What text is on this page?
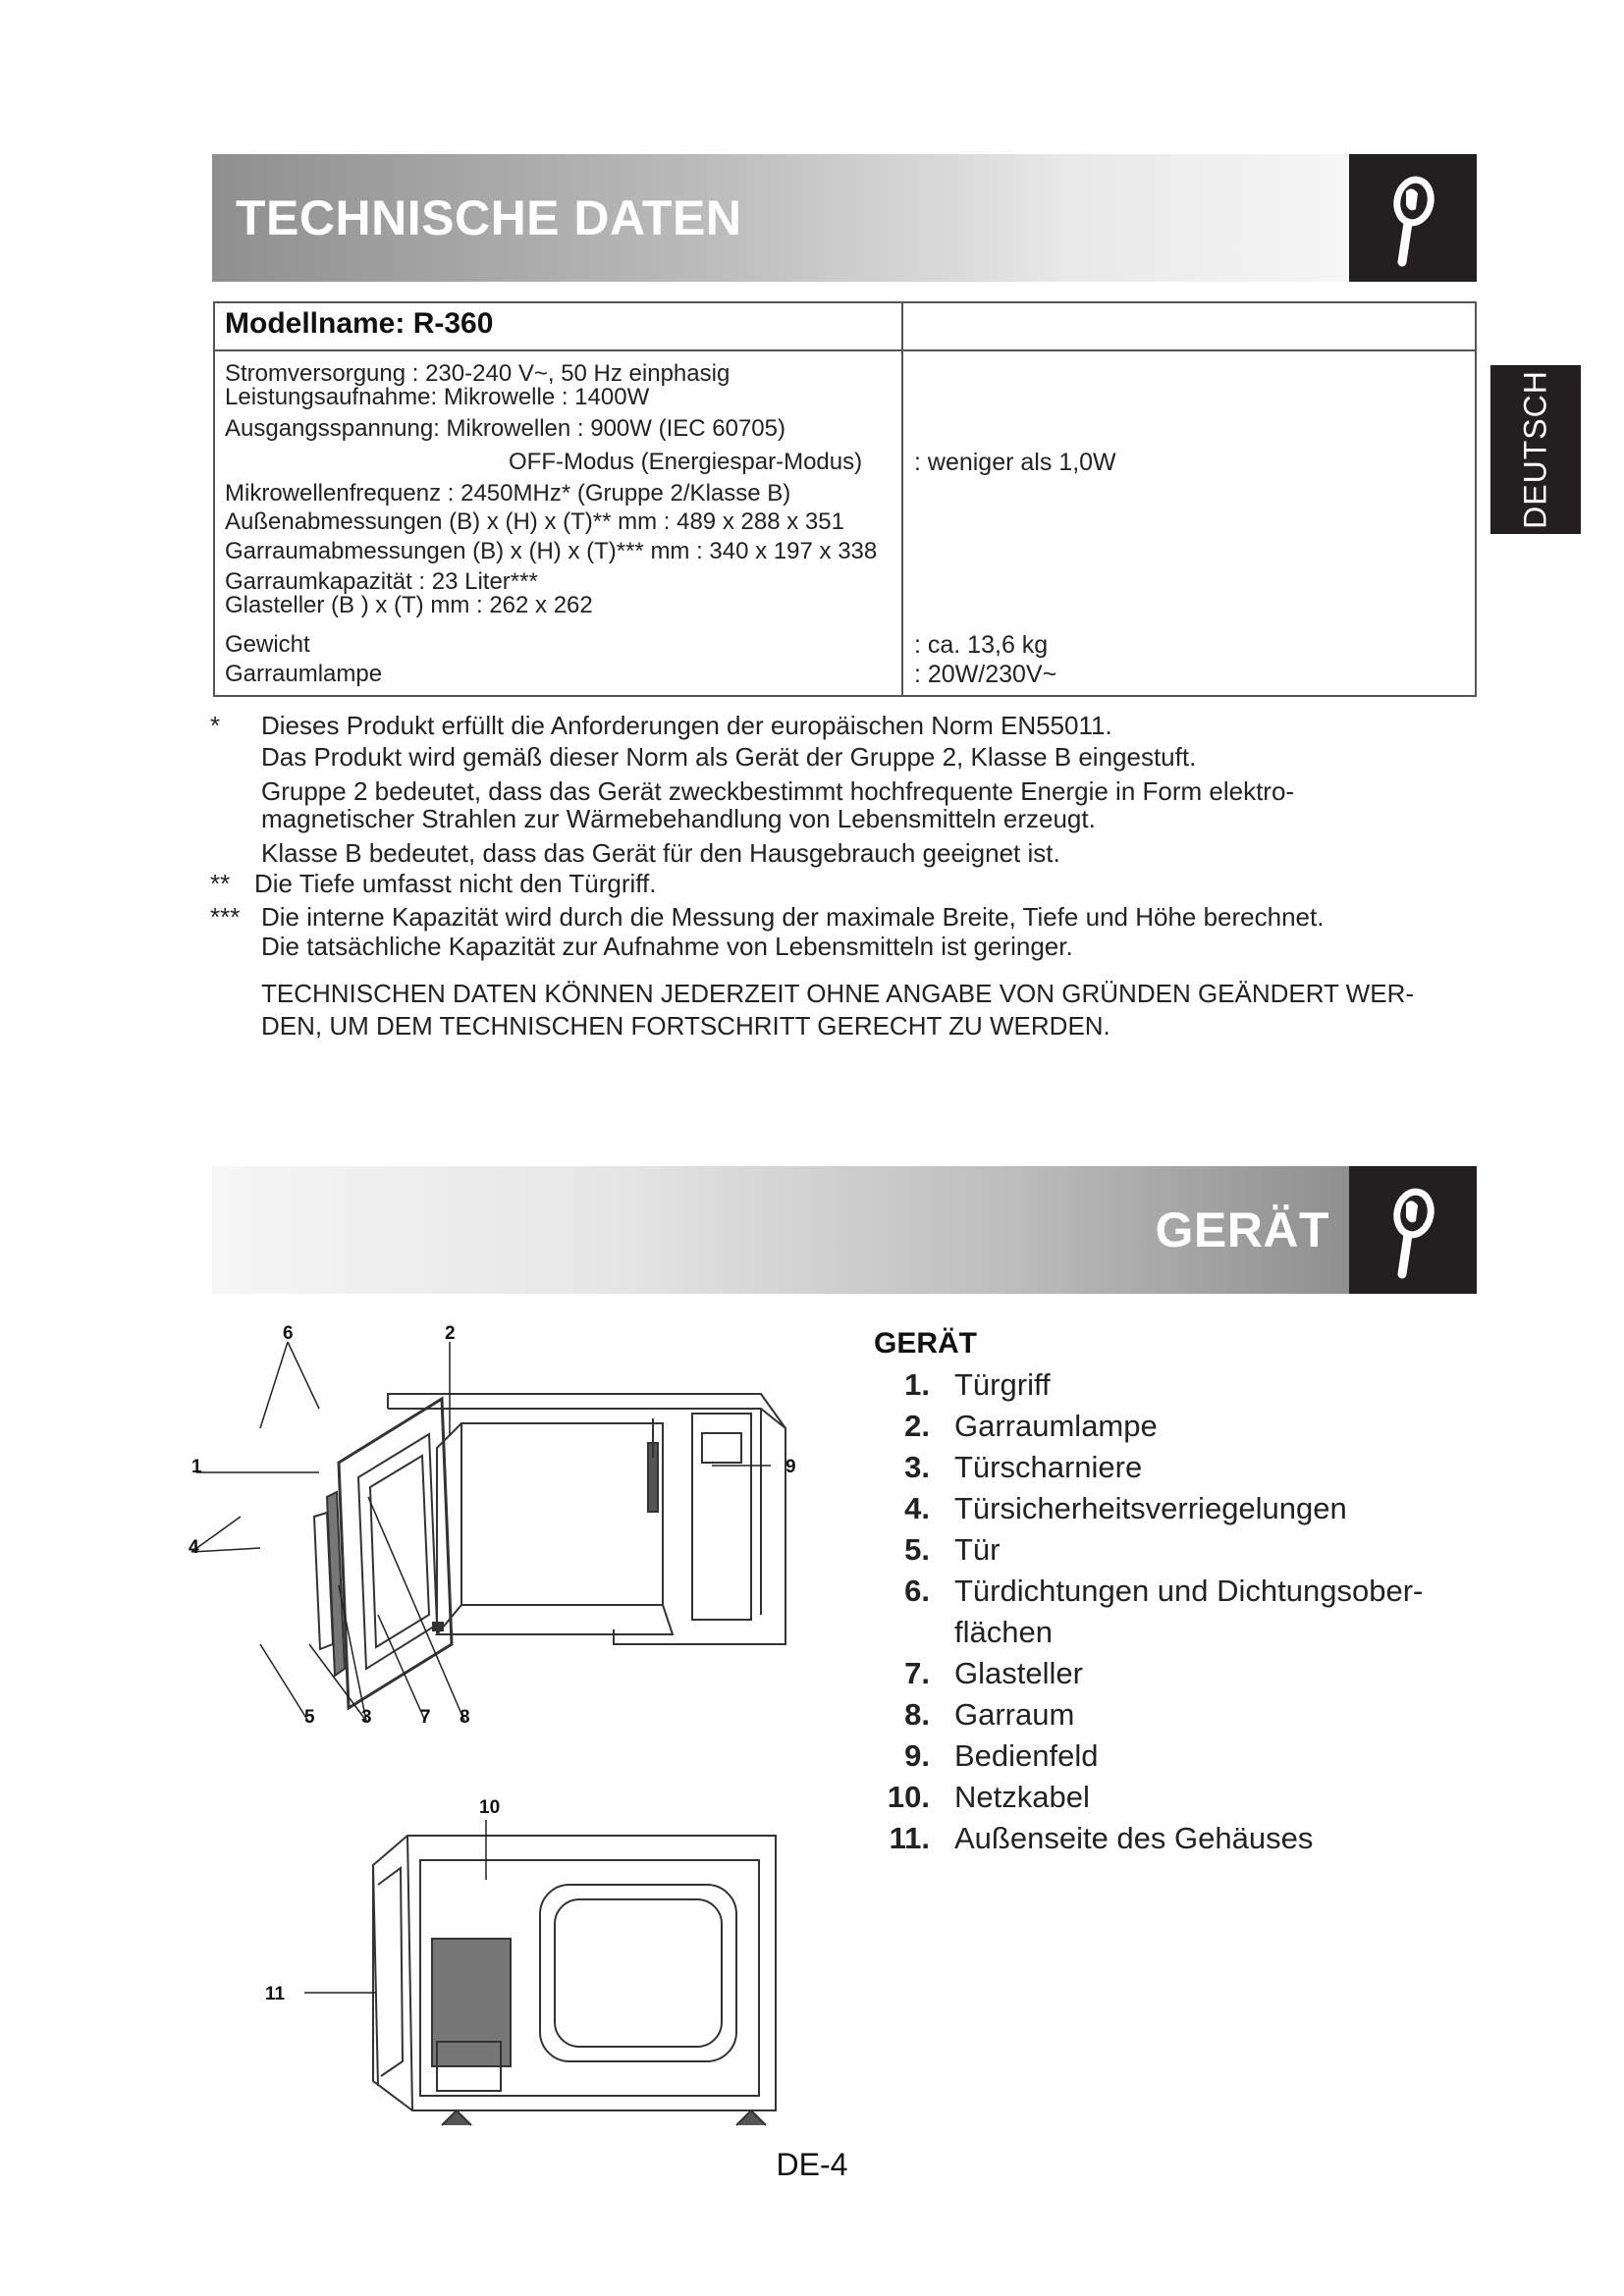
TECHNISCHE DATEN
DEUTSCH
Modellname: R-360
Stromversorgung : 230-240 V~, 50 Hz einphasig
Leistungsaufnahme: Mikrowelle : 1400W
Ausgangsspannung: Mikrowellen : 900W (IEC 60705)
OFF-Modus (Energiespar-Modus) : weniger als 1,0W
Mikrowellenfrequenz : 2450MHz* (Gruppe 2/Klasse B)
Außenabmessungen (B) x (H) x (T)** mm : 489 x 288 x 351
Garraumabmessungen (B) x (H) x (T)*** mm : 340 x 197 x 338
Garraumkapazität : 23 Liter***
Glasteller (B ) x (T) mm : 262 x 262
Gewicht	: ca. 13,6 kg
Garraumlampe	: 20W/230V~
* Dieses Produkt erfüllt die Anforderungen der europäischen Norm EN55011.
Das Produkt wird gemäß dieser Norm als Gerät der Gruppe 2, Klasse B eingestuft.
Gruppe 2 bedeutet, dass das Gerät zweckbestimmt hochfrequente Energie in Form elektro-
magnetischer Strahlen zur Wärmebehandlung von Lebensmitteln erzeugt.
Klasse B bedeutet, dass das Gerät für den Hausgebrauch geeignet ist.
** Die Tiefe umfasst nicht den Türgriff.
*** Die interne Kapazität wird durch die Messung der maximale Breite, Tiefe und Höhe berechnet.
Die tatsächliche Kapazität zur Aufnahme von Lebensmitteln ist geringer.
TECHNISCHEN DATEN KÖNNEN JEDERZEIT OHNE ANGABE VON GRÜNDEN GEÄNDERT WER-
DEN, UM DEM TECHNISCHEN FORTSCHRITT GERECHT ZU WERDEN.
GERÄT
6	2
1	9
4
5 3	7 8
10
11
GERÄT
1. Türgriff
2. Garraumlampe
3. Türscharniere
4. Türsicherheitsverriegelungen
5. Tür
6. Türdichtungen und Dichtungsober-flächen
7. Glasteller
8. Garraum
9. Bedienfeld
10. Netzkabel
11. Außenseite des Gehäuses
DE-4
